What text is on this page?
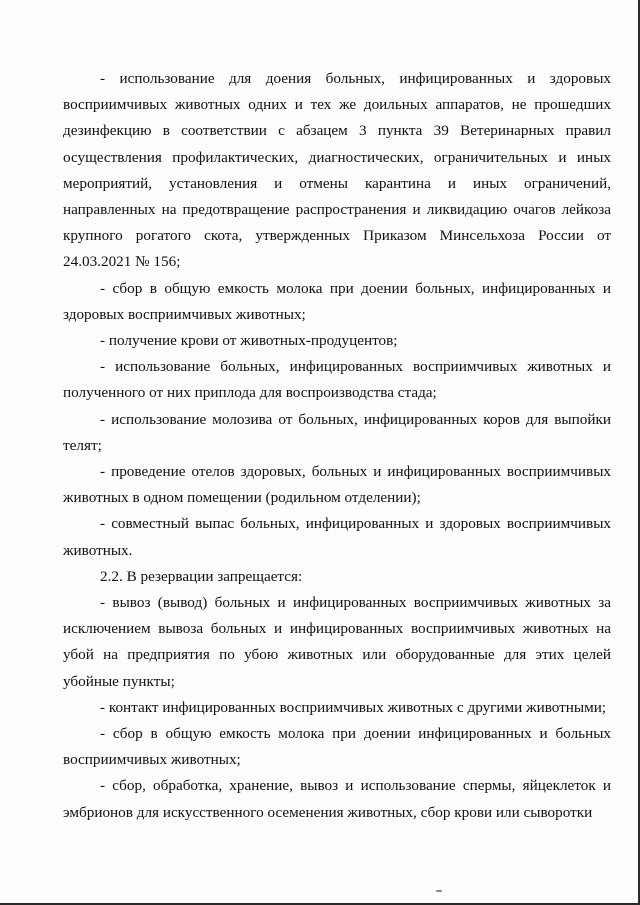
- использование для доения больных, инфицированных и здоровых восприимчивых животных одних и тех же доильных аппаратов, не прошедших дезинфекцию в соответствии с абзацем 3 пункта 39 Ветеринарных правил осуществления профилактических, диагностических, ограничительных и иных мероприятий, установления и отмены карантина и иных ограничений, направленных на предотвращение распространения и ликвидацию очагов лейкоза крупного рогатого скота, утвержденных Приказом Минсельхоза России от 24.03.2021 № 156;

- сбор в общую емкость молока при доении больных, инфицированных и здоровых восприимчивых животных;

- получение крови от животных-продуцентов;

- использование больных, инфицированных восприимчивых животных и полученного от них приплода для воспроизводства стада;

- использование молозива от больных, инфицированных коров для выпойки телят;

- проведение отелов здоровых, больных и инфицированных восприимчивых животных в одном помещении (родильном отделении);

- совместный выпас больных, инфицированных и здоровых восприимчивых животных.

2.2. В резервации запрещается:

- вывоз (вывод) больных и инфицированных восприимчивых животных за исключением вывоза больных и инфицированных восприимчивых животных на убой на предприятия по убою животных или оборудованные для этих целей убойные пункты;

- контакт инфицированных восприимчивых животных с другими животными;

- сбор в общую емкость молока при доении инфицированных и больных восприимчивых животных;

- сбор, обработка, хранение, вывоз и использование спермы, яйцеклеток и эмбрионов для искусственного осеменения животных, сбор крови или сыворотки
